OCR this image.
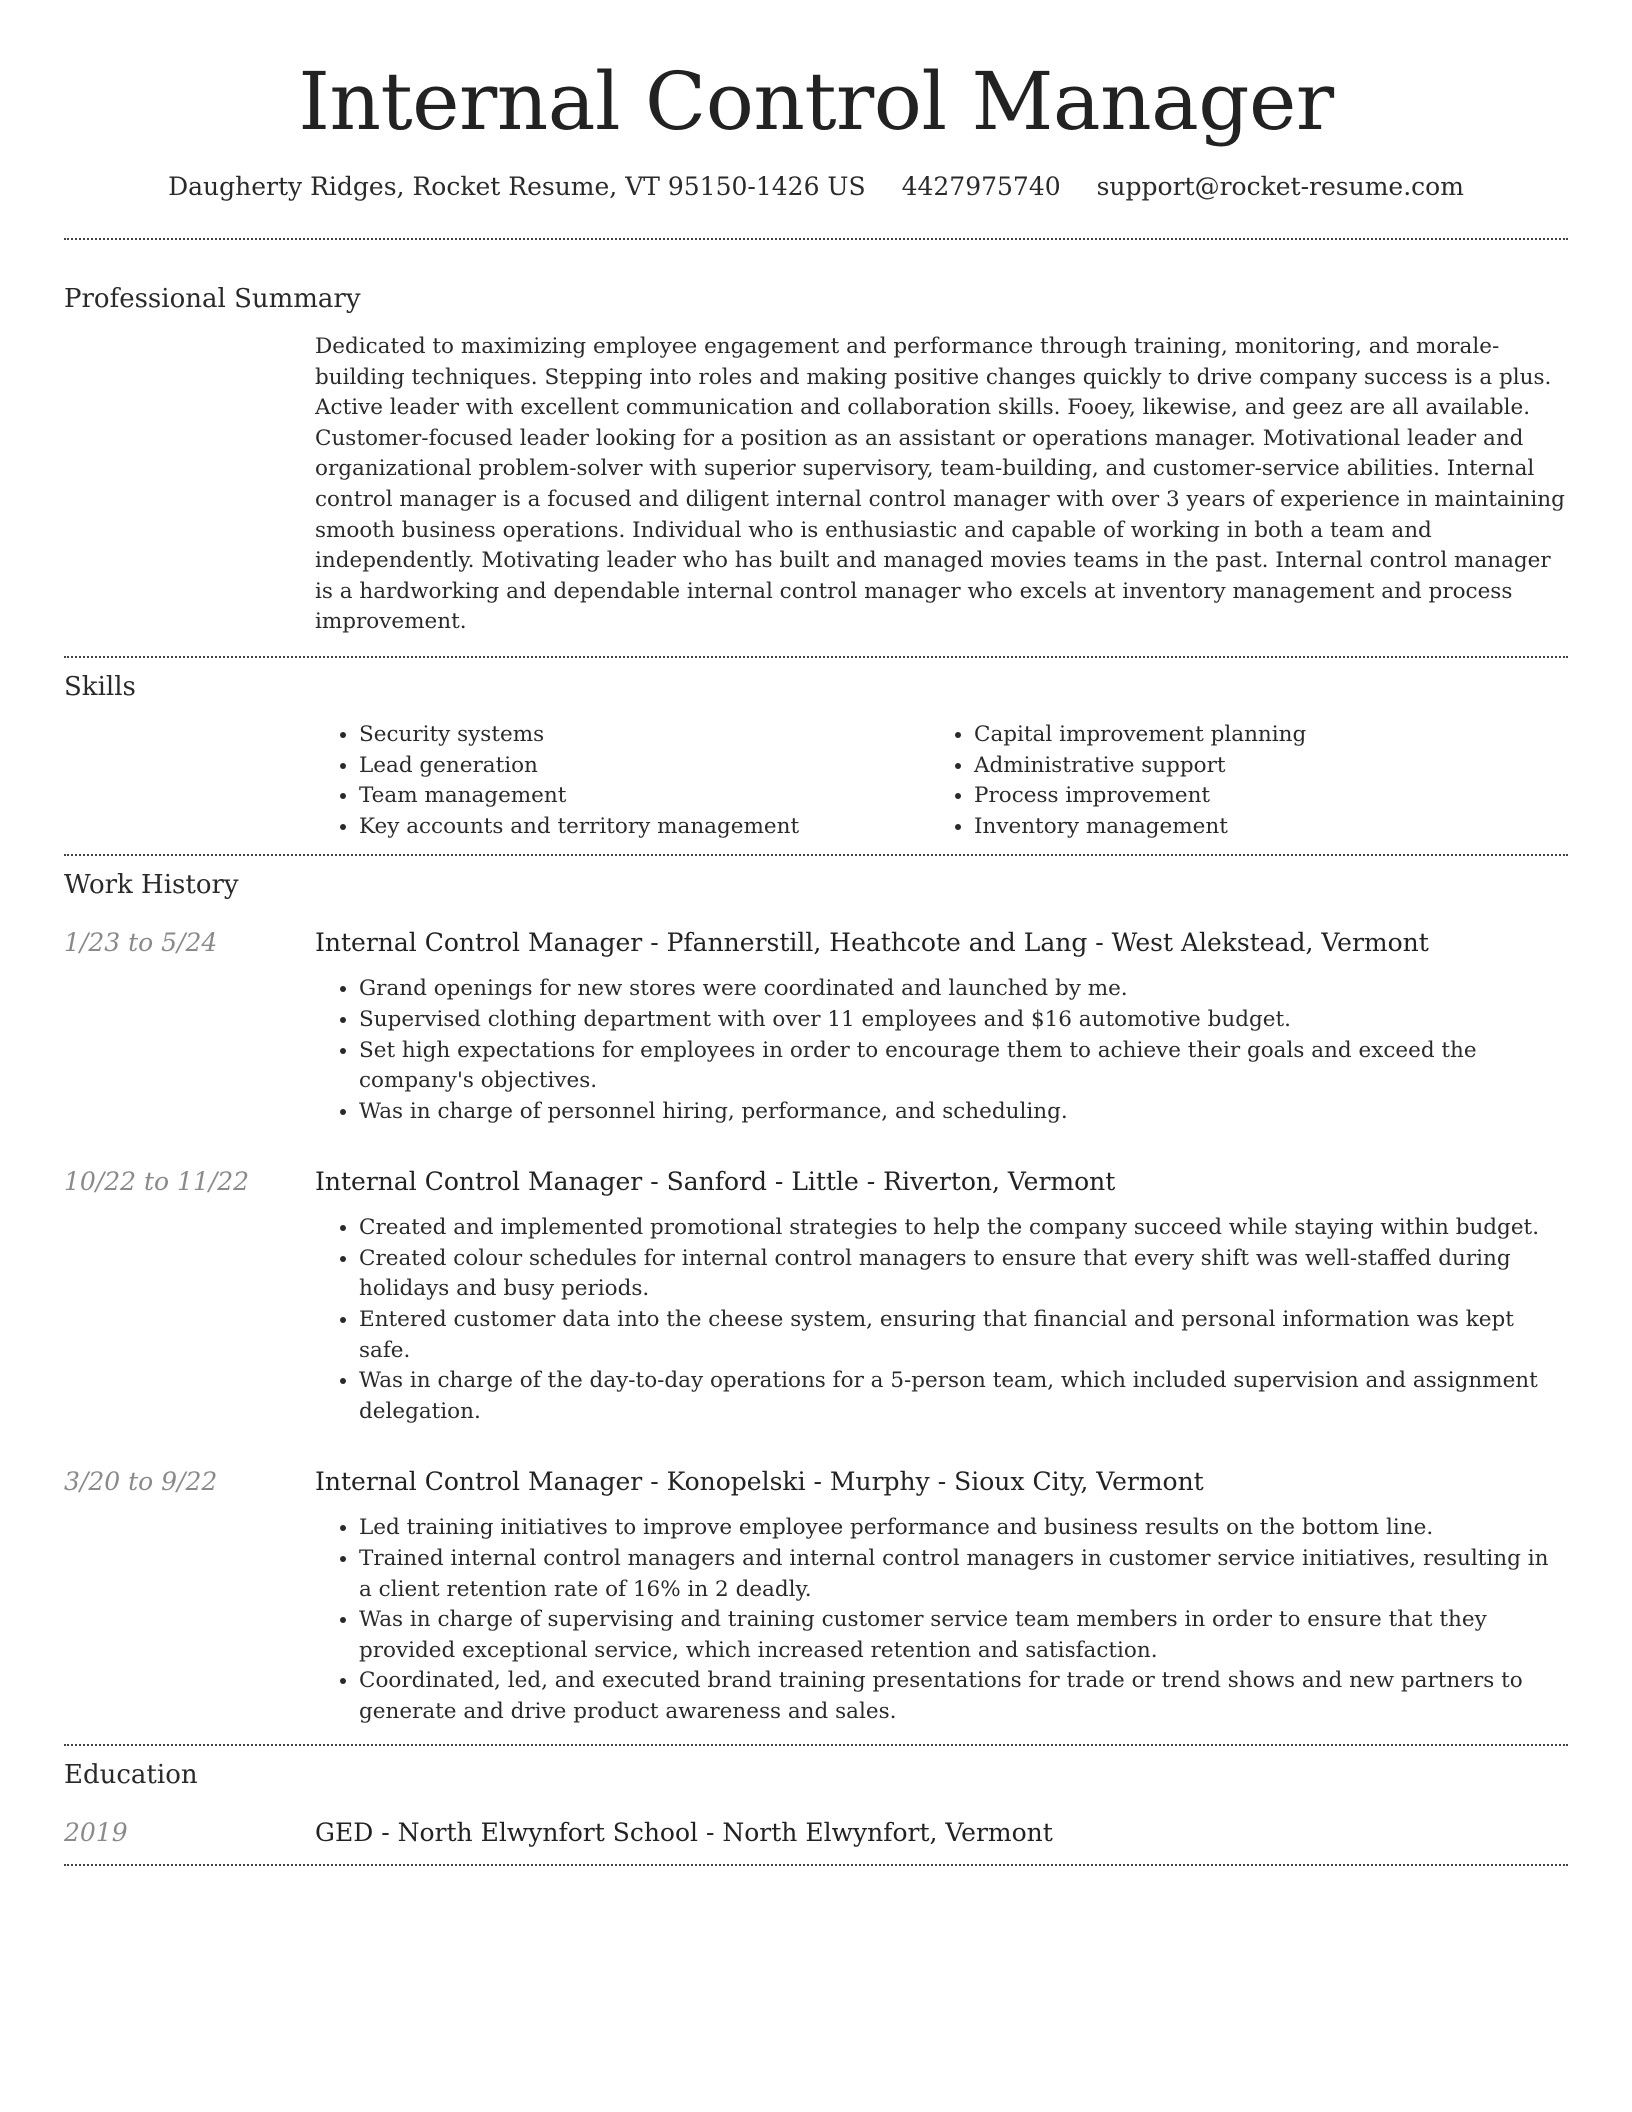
Internal Control Manager
Daugherty Ridges, Rocket Resume, VT 95150-1426 US 4427975740 support@rocket-resume.com
Professional Summary
Dedicated to maximizing employee engagement and performance through training, monitoring, and morale-building techniques. Stepping into roles and making positive changes quickly to drive company success is a plus. Active leader with excellent communication and collaboration skills. Fooey, likewise, and geez are all available. Customer-focused leader looking for a position as an assistant or operations manager. Motivational leader and organizational problem-solver with superior supervisory, team-building, and customer-service abilities. Internal control manager is a focused and diligent internal control manager with over 3 years of experience in maintaining smooth business operations. Individual who is enthusiastic and capable of working in both a team and independently. Motivating leader who has built and managed movies teams in the past. Internal control manager is a hardworking and dependable internal control manager who excels at inventory management and process improvement.
Skills
• Security systems
• Lead generation
• Team management
• Key accounts and territory management
• Capital improvement planning
• Administrative support
• Process improvement
• Inventory management
Work History
1/23 to 5/24	Internal Control Manager - Pfannerstill, Heathcote and Lang - West Alekstead, Vermont
• Grand openings for new stores were coordinated and launched by me.
• Supervised clothing department with over 11 employees and $16 automotive budget.
• Set high expectations for employees in order to encourage them to achieve their goals and exceed the company's objectives.
• Was in charge of personnel hiring, performance, and scheduling.
10/22 to 11/22	Internal Control Manager - Sanford - Little - Riverton, Vermont
• Created and implemented promotional strategies to help the company succeed while staying within budget.
• Created colour schedules for internal control managers to ensure that every shift was well-staffed during holidays and busy periods.
• Entered customer data into the cheese system, ensuring that financial and personal information was kept safe.
• Was in charge of the day-to-day operations for a 5-person team, which included supervision and assignment delegation.
3/20 to 9/22	Internal Control Manager - Konopelski - Murphy - Sioux City, Vermont
• Led training initiatives to improve employee performance and business results on the bottom line.
• Trained internal control managers and internal control managers in customer service initiatives, resulting in a client retention rate of 16% in 2 deadly.
• Was in charge of supervising and training customer service team members in order to ensure that they provided exceptional service, which increased retention and satisfaction.
• Coordinated, led, and executed brand training presentations for trade or trend shows and new partners to generate and drive product awareness and sales.
Education
2019	GED - North Elwynfort School - North Elwynfort, Vermont
